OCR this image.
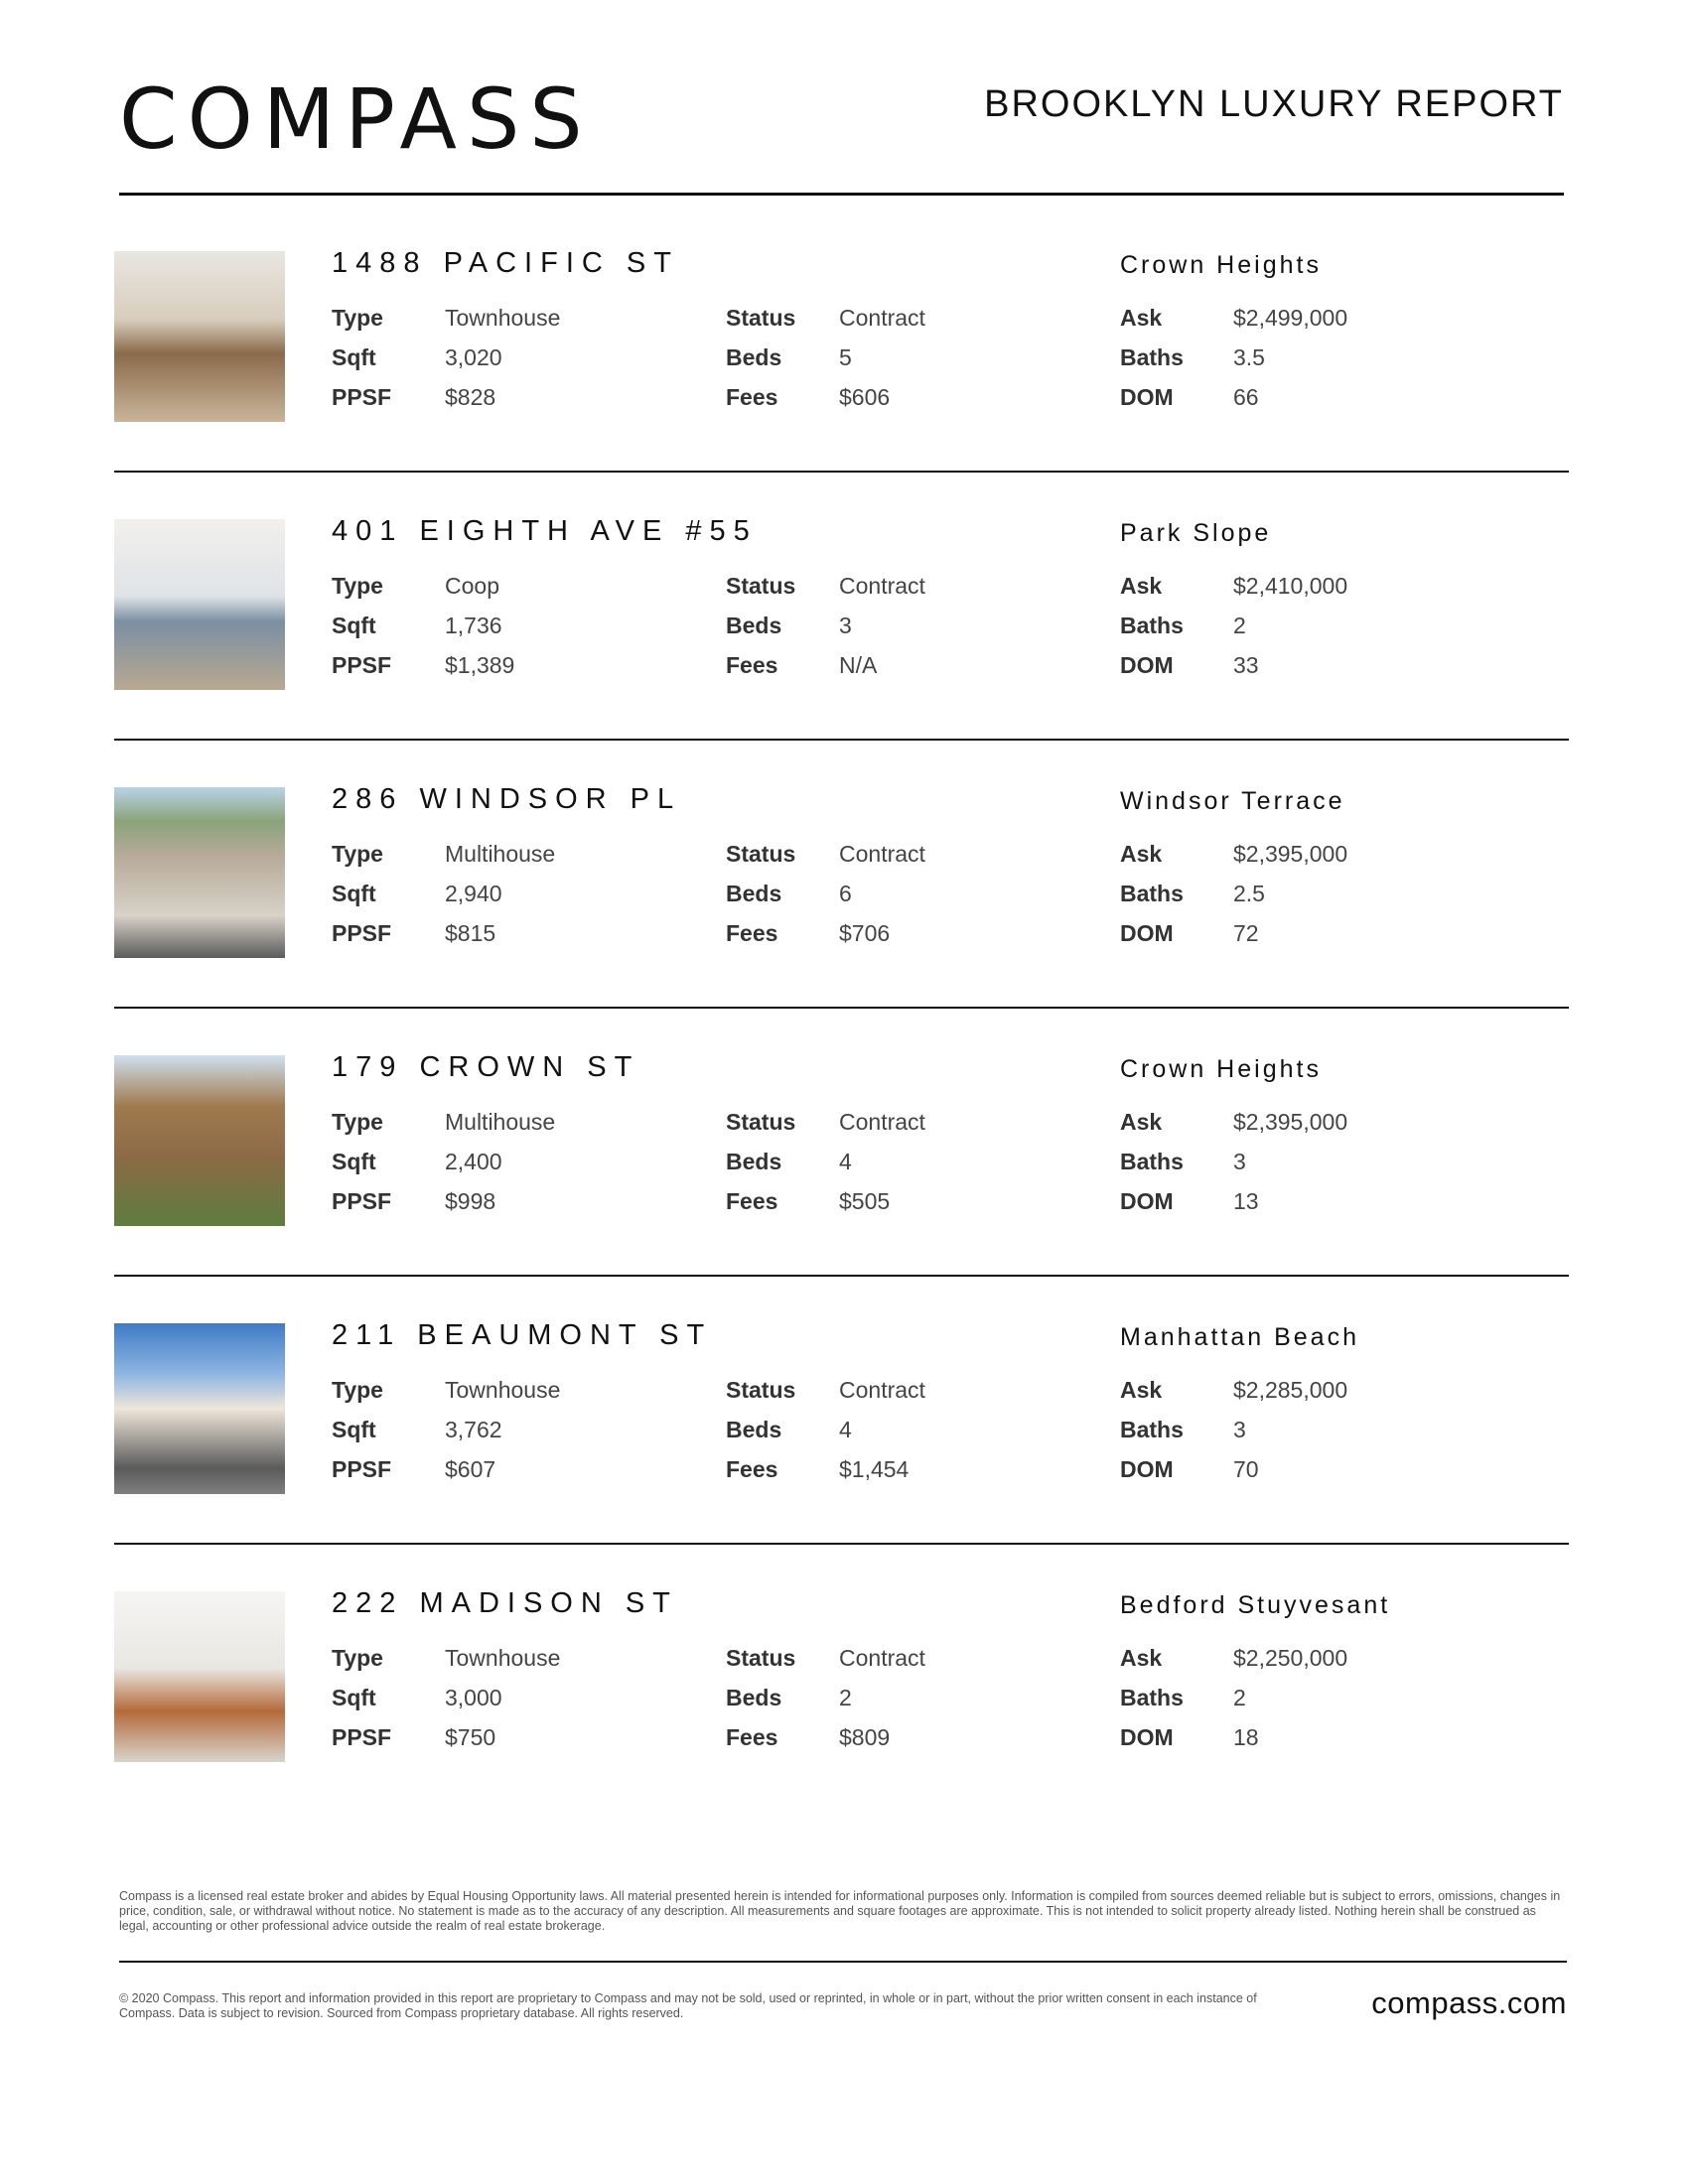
COMPASS	BROOKLYN LUXURY REPORT
1488 PACIFIC ST	Crown Heights
Type	Townhouse
Sqft	3,020
PPSF $828
Status Contract
Beds	5
Fees	$606
Ask	$2,499,000
Baths 3.5
DOM	66
401 EIGHTH AVE #55	Park Slope
Type	Coop
Sqft	1,736
PPSF $1,389
Status Contract
Beds	3
Fees	N/A
Ask	$2,410,000
Baths 2
DOM	33
286 WINDSOR PL	Windsor Terrace
Type	Multihouse
Sqft	2,940
PPSF $815
Status Contract
Beds	6
Fees	$706
Ask	$2,395,000
Baths 2.5
DOM	72
179 CROWN ST	Crown Heights
Type	Multihouse
Sqft	2,400
PPSF $998
Status Contract
Beds	4
Fees	$505
Ask	$2,395,000
Baths 3
DOM	13
211 BEAUMONT ST	Manhattan Beach
Type	Townhouse
Sqft	3,762
PPSF $607
Status Contract
Beds	4
Fees	$1,454
Ask	$2,285,000
Baths 3
DOM	70
222 MADISON ST	Bedford Stuyvesant
Type	Townhouse
Sqft	3,000
PPSF $750
Status Contract
Beds	2
Fees	$809
Ask	$2,250,000
Baths 2
DOM	18
Compass is a licensed real estate broker and abides by Equal Housing Opportunity laws. All material presented herein is intended for informational purposes only. Information is compiled from sources deemed reliable but is subject to errors, omissions, changes in price, condition, sale, or withdrawal without notice. No statement is made as to the accuracy of any description. All measurements and square footages are approximate. This is not intended to solicit property already listed. Nothing herein shall be construed as legal, accounting or other professional advice outside the realm of real estate brokerage.
© 2020 Compass. This report and information provided in this report are proprietary to Compass and may not be sold, used or reprinted, in whole or in part, without the prior written consent in each instance of Compass. Data is subject to revision. Sourced from Compass proprietary database. All rights reserved.	compass.com
